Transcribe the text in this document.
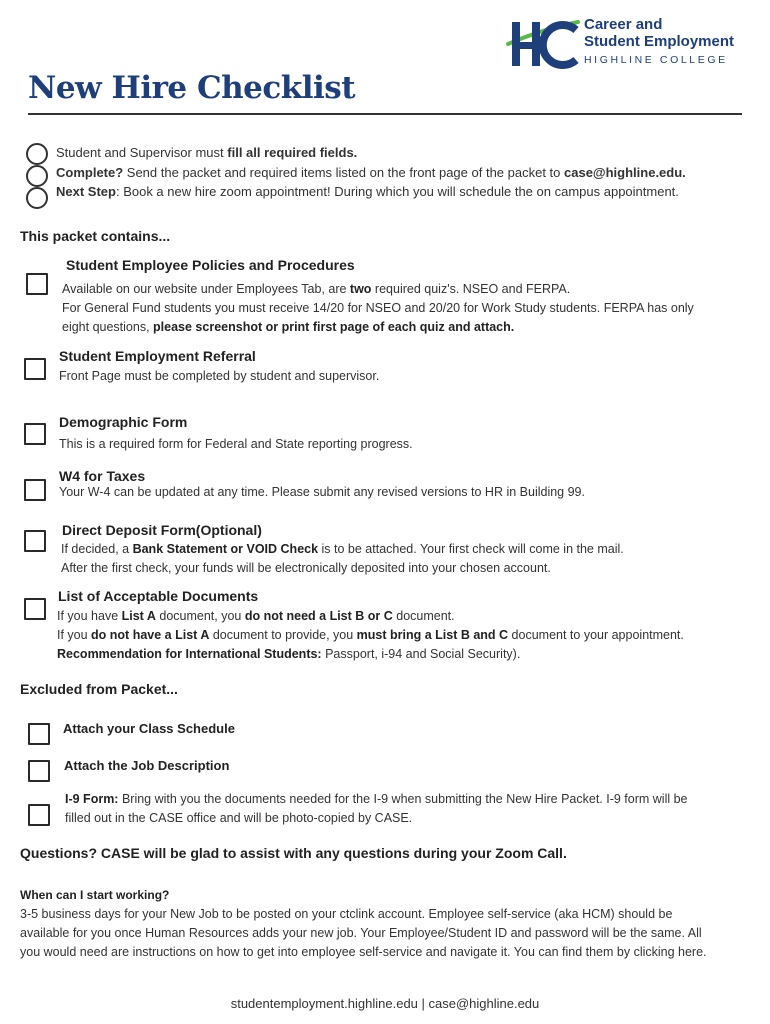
Career and
Student Employment
HIGHLINE COLLEGE
New Hire Checklist
Student and Supervisor must fill all required fields.
Complete? Send the packet and required items listed on the front page of the packet to case@highline.edu.
Next Step: Book a new hire zoom appointment! During which you will schedule the on campus appointment.
This packet contains...
Student Employee Policies and Procedures
Available on our website under Employees Tab, are two required quiz's. NSEO and FERPA.
For General Fund students you must receive 14/20 for NSEO and 20/20 for Work Study students. FERPA has only
eight questions, please screenshot or print first page of each quiz and attach.
Student Employment Referral
Front Page must be completed by student and supervisor.
Demographic Form
This is a required form for Federal and State reporting progress.
W4 for Taxes
Your W-4 can be updated at any time. Please submit any revised versions to HR in Building 99.
Direct Deposit Form(Optional)
If decided, a Bank Statement or VOID Check is to be attached. Your first check will come in the mail.
After the first check, your funds will be electronically deposited into your chosen account.
List of Acceptable Documents
If you have List A document, you do not need a List B or C document.
If you do not have a List A document to provide, you must bring a List B and C document to your appointment.
Recommendation for International Students: Passport, i-94 and Social Security).
Excluded from Packet...
Attach your Class Schedule
Attach the Job Description
I-9 Form: Bring with you the documents needed for the I-9 when submitting the New Hire Packet. I-9 form will be
filled out in the CASE office and will be photo-copied by CASE.
Questions? CASE will be glad to assist with any questions during your Zoom Call.
When can I start working?
3-5 business days for your New Job to be posted on your ctclink account. Employee self-service (aka HCM) should be
available for you once Human Resources adds your new job. Your Employee/Student ID and password will be the same. All
you would need are instructions on how to get into employee self-service and navigate it. You can find them by clicking here.
studentemployment.highline.edu | case@highline.edu
